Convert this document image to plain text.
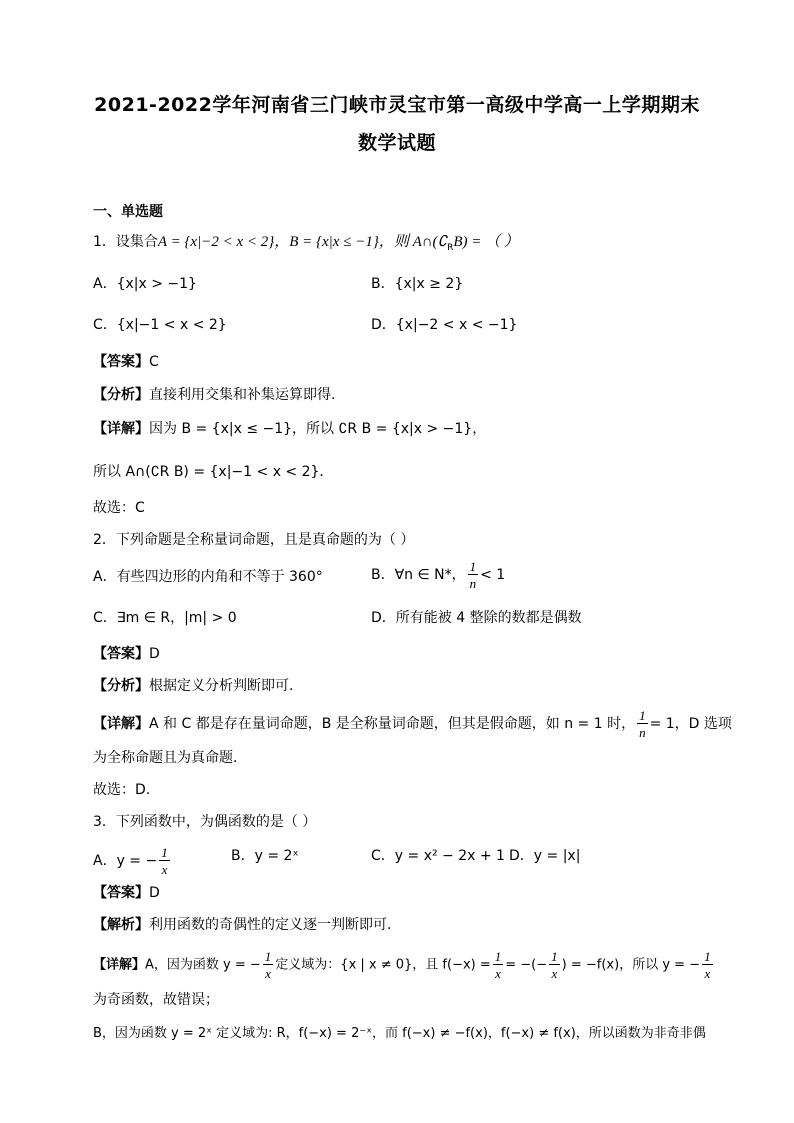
2021-2022学年河南省三门峡市灵宝市第一高级中学高一上学期期末
数学试题
一、单选题
1．设集合A = {x|−2 < x < 2}，B = {x|x ≤ −1}，则 $A\cap(∁_RB)$ = （ ）
A．{x|x > −1}	B．{x|x ≥ 2}
C．{x|−1 < x < 2}	D．{x|−2 < x < −1}
【答案】C
【分析】直接利用交集和补集运算即得.
【详解】因为 B = {x|x ≤ −1}，所以 ∁R B = {x|x > −1}，
所以 A∩(∁R B) = {x|−1 < x < 2}．
故选：C
2．下列命题是全称量词命题，且是真命题的为（ ）
A．有些四边形的内角和不等于 360°	B．∀n ∈ N*， $\frac{1}{n} < 1$
C．∃m ∈ R，|m| > 0	D．所有能被 4 整除的数都是偶数
【答案】D
【分析】根据定义分析判断即可.
【详解】A 和 C 都是存在量词命题，B 是全称量词命题，但其是假命题，如 n = 1 时， $\frac{1}{n} = 1$，D 选项
为全称命题且为真命题．
故选：D.
3．下列函数中，为偶函数的是（ ）
A．y = − $\frac{1}{x}$	B．y = 2ˣ	C．y = x² − 2x + 1 D．y = |x|
【答案】D
【解析】利用函数的奇偶性的定义逐一判断即可.
【详解】A，因为函数 y = − $\frac{1}{x}$ 定义域为：{x | x ≠ 0}，且 $f(-x) = \frac{1}{x}$ = −(− $\frac{1}{x}$ ) = −f(x)，所以 y = − $\frac{1}{x}$
为奇函数，故错误；
B，因为函数 y = 2ˣ 定义域为: R，f(−x) = 2⁻ˣ，而 f(−x) ≠ −f(x)，f(−x) ≠ f(x)，所以函数为非奇非偶
